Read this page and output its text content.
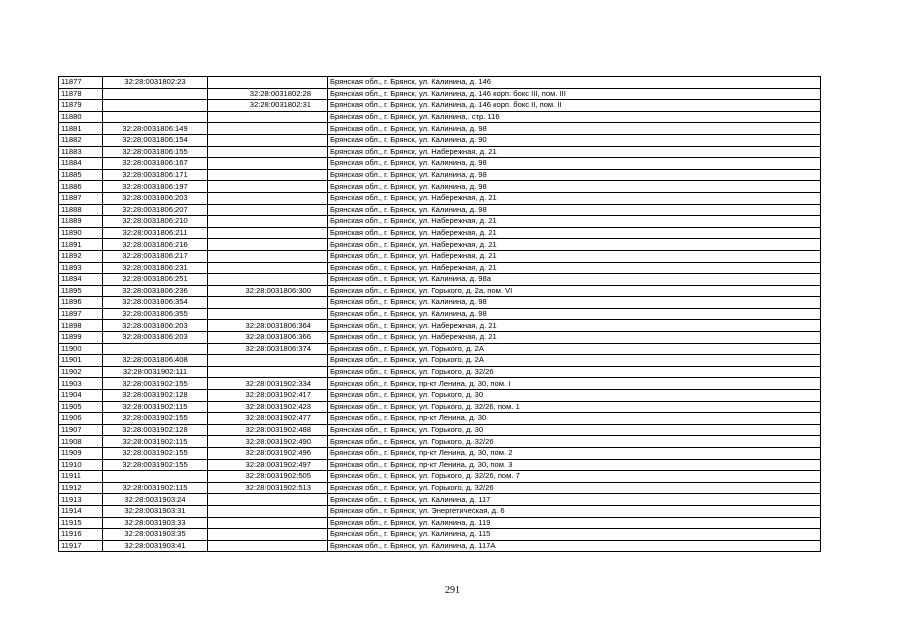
11877	32:28:0031802:23		Брянская обл., г. Брянск, ул. Калинина, д. 146
11878		32:28:0031802:28	Брянская обл., г. Брянск, ул. Калинина, д. 146 корп. бокс III, пом. III
11879		32:28:0031802:31	Брянская обл., г. Брянск, ул. Калинина, д. 146 корп. бокс II, пом. II
11880			Брянская обл., г. Брянск, ул. Калинина,. стр. 116
11881	32:28:0031806:149		Брянская обл., г. Брянск, ул. Калинина, д. 98
11882	32:28:0031806:154		Брянская обл., г. Брянск, ул. Калинина, д. 90
11883	32:28:0031806:155		Брянская обл., г. Брянск, ул. Набережная, д. 21
11884	32:28:0031806:167		Брянская обл., г. Брянск, ул. Калинина, д. 98
11885	32:28:0031806:171		Брянская обл., г. Брянск, ул. Калинина, д. 98
11886	32:28:0031806:197		Брянская обл., г. Брянск, ул. Калинина, д. 98
11887	32:28:0031806:203		Брянская обл., г. Брянск, ул. Набережная, д. 21
11888	32:28:0031806:207		Брянская обл., г. Брянск, ул. Калинина, д. 98
11889	32:28:0031806:210		Брянская обл., г. Брянск, ул. Набережная, д. 21
11890	32:28:0031806:211		Брянская обл., г. Брянск, ул. Набережная, д. 21
11891	32:28:0031806:216		Брянская обл., г. Брянск, ул. Набережная, д. 21
11892	32:28:0031806:217		Брянская обл., г. Брянск, ул. Набережная, д. 21
11893	32:28:0031806:231		Брянская обл., г. Брянск, ул. Набережная, д. 21
11894	32:28:0031806:251		Брянская обл., г. Брянск, ул. Калинина, д. 98а
11895	32:28:0031806:236	32:28:0031806:300	Брянская обл., г. Брянск, ул. Горького, д. 2а, пом. VI
11896	32:28:0031806:354		Брянская обл., г. Брянск, ул. Калинина, д. 98
11897	32:28:0031806:355		Брянская обл., г. Брянск, ул. Калинина, д. 98
11898	32:28:0031806:203	32:28:0031806:364	Брянская обл., г. Брянск, ул. Набережная, д. 21
11899	32:28:0031806:203	32:28:0031806:366	Брянская обл., г. Брянск, ул. Набережная, д. 21
11900		32:28:0031806:374	Брянская обл., г. Брянск, ул. Горького, д. 2А
11901	32:28:0031806:408		Брянская обл., г. Брянск, ул. Горького, д. 2А
11902	32:28:0031902:111		Брянская обл., г. Брянск, ул. Горького, д. 32/26
11903	32:28:0031902:155	32:28:0031902:334	Брянская обл., г. Брянск, пр-кт Ленина, д. 30, пом. I
11904	32:28:0031902:128	32:28:0031902:417	Брянская обл., г. Брянск, ул. Горького, д. 30
11905	32:28:0031902:115	32:28:0031902:423	Брянская обл., г. Брянск, ул. Горького, д. 32/26, пом. 1
11906	32:28:0031902:155	32:28:0031902:477	Брянская обл., г. Брянск, пр-кт Ленина, д. 30
11907	32:28:0031902:128	32:28:0031902:488	Брянская обл., г. Брянск, ул. Горького, д. 30
11908	32:28:0031902:115	32:28:0031902:490	Брянская обл., г. Брянск, ул. Горького, д. 32/26
11909	32:28:0031902:155	32:28:0031902:496	Брянская обл., г. Брянск, пр-кт Ленина, д. 30, пом. 2
11910	32:28:0031902:155	32:28:0031902:497	Брянская обл., г. Брянск, пр-кт Ленина, д. 30, пом. 3
11911		32:28:0031902:505	Брянская обл., г. Брянск, ул. Горького, д. 32/26, пом. 7
11912	32:28:0031902:115	32:28:0031902:513	Брянская обл., г. Брянск, ул. Горького, д. 32/26
11913	32:28:0031903:24		Брянская обл., г. Брянск, ул. Калинина, д. 117
11914	32:28:0031903:31		Брянская обл., г. Брянск, ул. Энергетическая, д. 6
11915	32:28:0031903:33		Брянская обл., г. Брянск, ул. Калинина, д. 119
11916	32:28:0031903:35		Брянская обл., г. Брянск, ул. Калинина, д. 115
11917	32:28:0031903:41		Брянская обл., г. Брянск, ул. Калинина, д. 117А
291
